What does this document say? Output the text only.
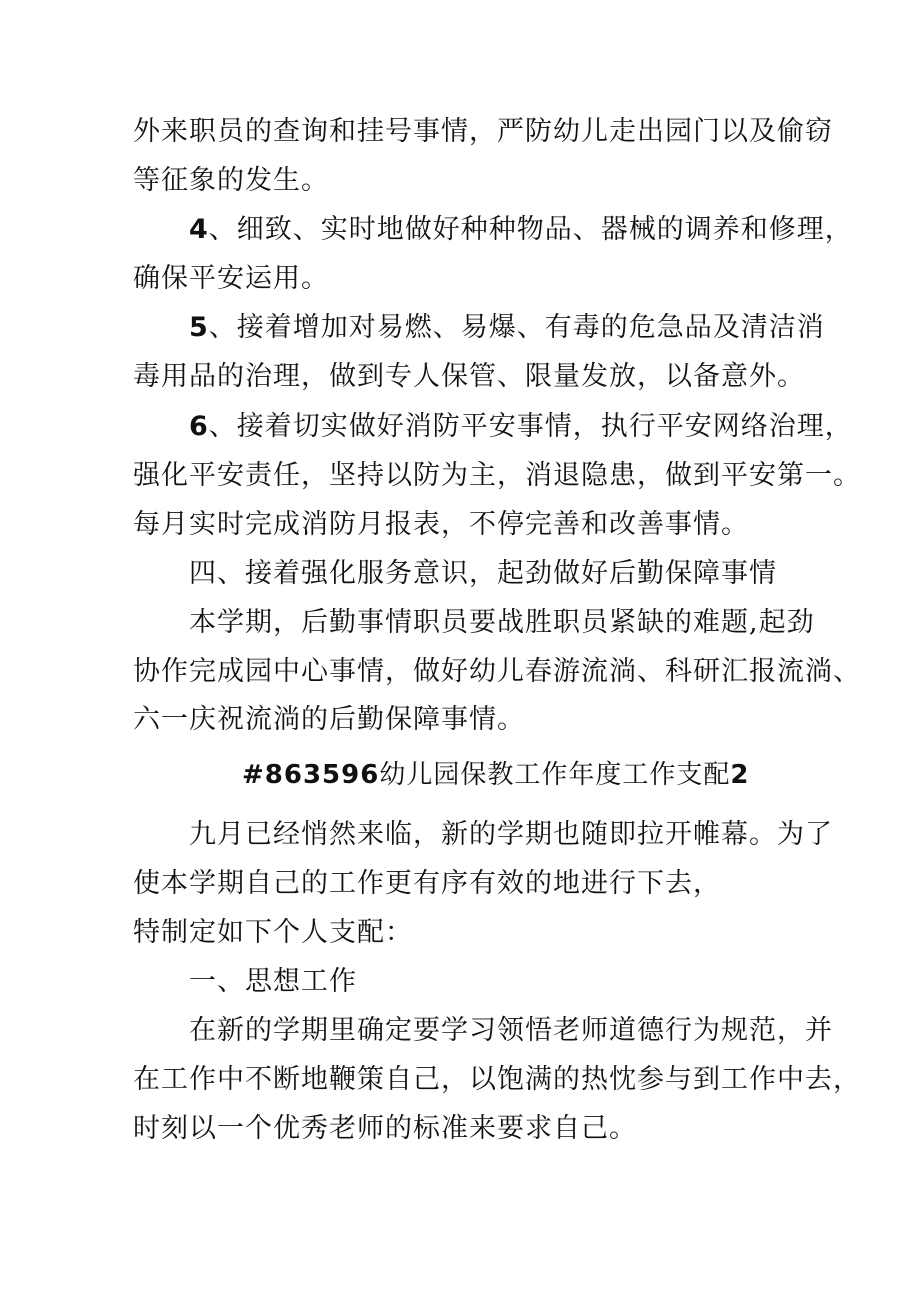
外来职员的查询和挂号事情，严防幼儿走出园门以及偷窃
等征象的发生。
4、细致、实时地做好种种物品、器械的调养和修理，
确保平安运用。
5、接着增加对易燃、易爆、有毒的危急品及清洁消
毒用品的治理，做到专人保管、限量发放，以备意外。
6、接着切实做好消防平安事情，执行平安网络治理，
强化平安责任，坚持以防为主，消退隐患，做到平安第一。
每月实时完成消防月报表，不停完善和改善事情。
四、接着强化服务意识，起劲做好后勤保障事情
本学期，后勤事情职员要战胜职员紧缺的难题,起劲
协作完成园中心事情，做好幼儿春游流淌、科研汇报流淌、
六一庆祝流淌的后勤保障事情。
#863596幼儿园保教工作年度工作支配2
九月已经悄然来临，新的学期也随即拉开帷幕。为了
使本学期自己的工作更有序有效的地进行下去，
特制定如下个人支配：
一、思想工作
在新的学期里确定要学习领悟老师道德行为规范，并
在工作中不断地鞭策自己，以饱满的热忱参与到工作中去，
时刻以一个优秀老师的标准来要求自己。
